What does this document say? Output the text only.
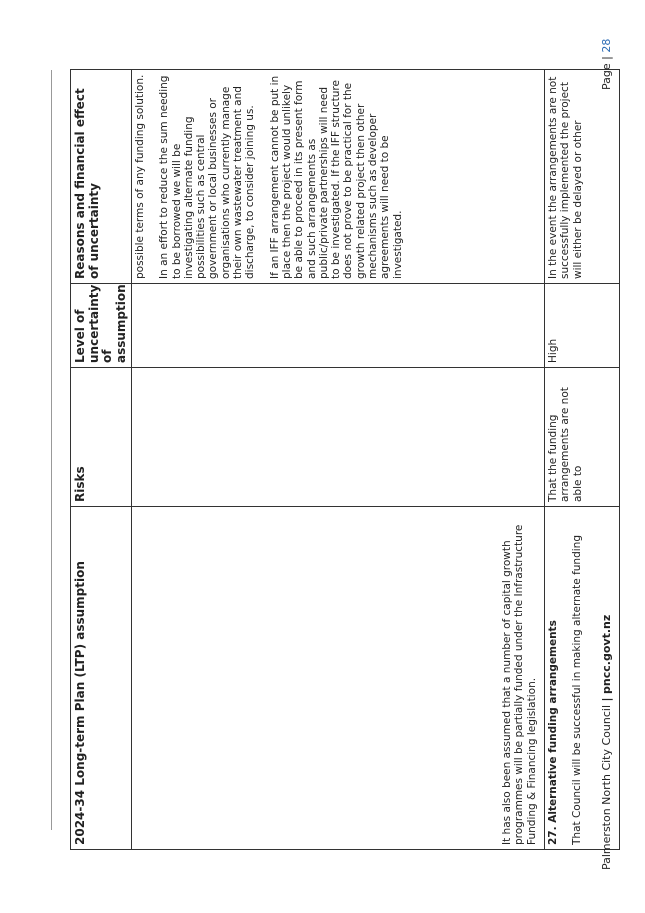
2024-34 Long-term Plan (LTP) assumption	Risks	Level of uncertainty of assumption	Reasons and financial effect of uncertainty

It has also been assumed that a number of capital growth programmes will be partially funded under the Infrastructure Funding & Financing legislation.			possible terms of any funding solution. In an effort to reduce the sum needing to be borrowed we will be investigating alternate funding possibilities such as central government or local businesses or organisations who currently manage their own wastewater treatment and discharge, to consider joining us. If an IFF arrangement cannot be put in place then the project would unlikely be able to proceed in its present form and such arrangements as public/private partnerships will need to be investigated. If the IFF structure does not prove to be practical for the growth related project then other mechanisms such as developer agreements will need to be investigated.

27. Alternative funding arrangements That Council will be successful in making alternate funding	That the funding arrangements are not able to	High	In the event the arrangements are not successfully implemented the project will either be delayed or other
Palmerston North City Council | pncc.govt.nz
Page | 28
